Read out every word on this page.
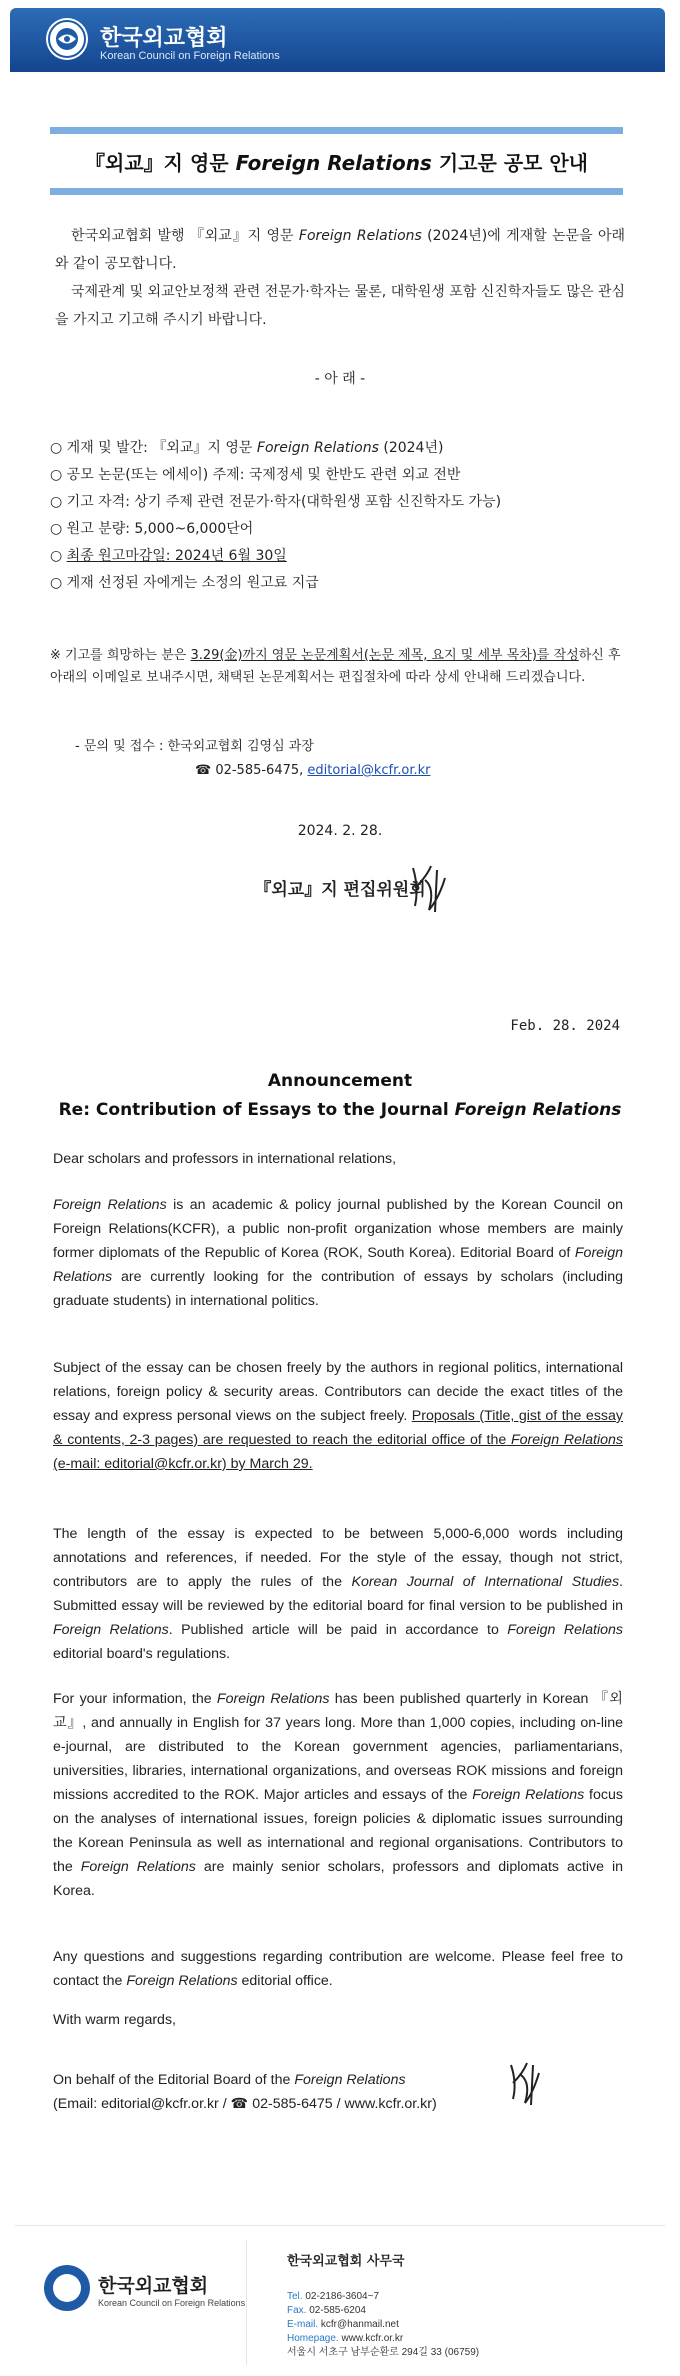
한국외교협회
Korean Council on Foreign Relations
『외교』지 영문 Foreign Relations 기고문 공모 안내

한국외교협회 발행 『외교』지 영문 Foreign Relations (2024년)에 게재할 논문을 아래와 같이 공모합니다.

국제관계 및 외교안보정책 관련 전문가·학자는 물론, 대학원생 포함 신진학자들도 많은 관심을 가지고 기고해 주시기 바랍니다.

- 아 래 -
○ 게재 및 발간: 『외교』지 영문 Foreign Relations (2024년)
○ 공모 논문(또는 에세이) 주제: 국제정세 및 한반도 관련 외교 전반
○ 기고 자격: 상기 주제 관련 전문가·학자(대학원생 포함 신진학자도 가능)
○ 원고 분량: 5,000~6,000단어
○ 최종 원고마감일: 2024년 6월 30일
○ 게재 선정된 자에게는 소정의 원고료 지급
※ 기고를 희망하는 분은 3.29(金)까지 영문 논문계획서(논문 제목, 요지 및 세부 목차)를 작성하신 후 아래의 이메일로 보내주시면, 채택된 논문계획서는 편집절차에 따라 상세 안내해 드리겠습니다.
- 문의 및 접수 : 한국외교협회 김영심 과장
☎ 02-585-6475, editorial@kcfr.or.kr
2024. 2. 28.
『외교』지 편집위원회
Feb. 28. 2024
Announcement
Re: Contribution of Essays to the Journal Foreign Relations
Dear scholars and professors in international relations,

Foreign Relations is an academic & policy journal published by the Korean Council on Foreign Relations(KCFR), a public non-profit organization whose members are mainly former diplomats of the Republic of Korea (ROK, South Korea). Editorial Board of Foreign Relations are currently looking for the contribution of essays by scholars (including graduate students) in international politics.

Subject of the essay can be chosen freely by the authors in regional politics, international relations, foreign policy & security areas. Contributors can decide the exact titles of the essay and express personal views on the subject freely. Proposals (Title, gist of the essay & contents, 2-3 pages) are requested to reach the editorial office of the Foreign Relations (e-mail: editorial@kcfr.or.kr) by March 29.

The length of the essay is expected to be between 5,000-6,000 words including annotations and references, if needed. For the style of the essay, though not strict, contributors are to apply the rules of the Korean Journal of International Studies. Submitted essay will be reviewed by the editorial board for final version to be published in Foreign Relations. Published article will be paid in accordance to Foreign Relations editorial board's regulations.

For your information, the Foreign Relations has been published quarterly in Korean 『외교』, and annually in English for 37 years long. More than 1,000 copies, including on-line e-journal, are distributed to the Korean government agencies, parliamentarians, universities, libraries, international organizations, and overseas ROK missions and foreign missions accredited to the ROK. Major articles and essays of the Foreign Relations focus on the analyses of international issues, foreign policies & diplomatic issues surrounding the Korean Peninsula as well as international and regional organisations. Contributors to the Foreign Relations are mainly senior scholars, professors and diplomats active in Korea.

Any questions and suggestions regarding contribution are welcome. Please feel free to contact the Foreign Relations editorial office.

With warm regards,
On behalf of the Editorial Board of the Foreign Relations
(Email: editorial@kcfr.or.kr / ☎ 02-585-6475 / www.kcfr.or.kr)
한국외교협회
Korean Council on Foreign Relations
한국외교협회 사무국
Tel. 02-2186-3604~7
Fax. 02-585-6204
E-mail. kcfr@hanmail.net
Homepage. www.kcfr.or.kr
서울시 서초구 남부순환로 294길 33 (06759)
